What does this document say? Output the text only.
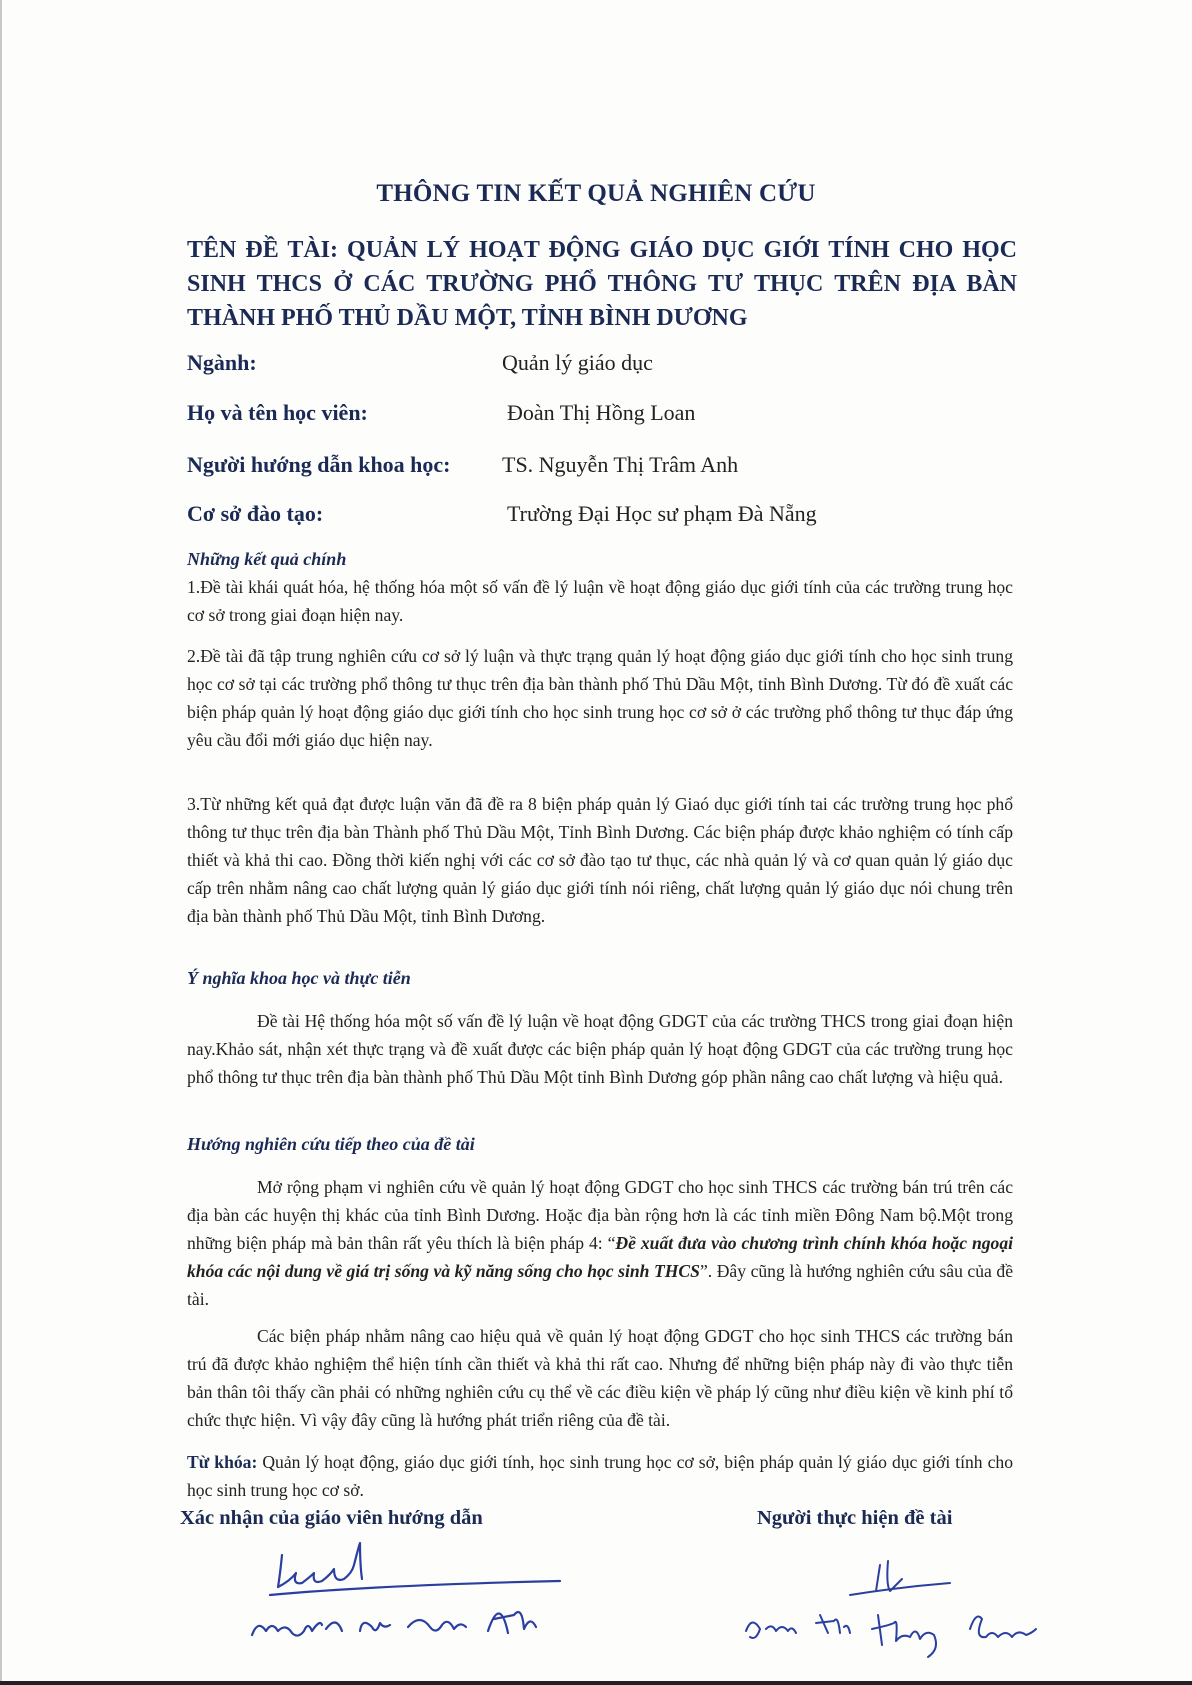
THÔNG TIN KẾT QUẢ NGHIÊN CỨU
TÊN ĐỀ TÀI: QUẢN LÝ HOẠT ĐỘNG GIÁO DỤC GIỚI TÍNH CHO HỌC SINH THCS Ở CÁC TRƯỜNG PHỔ THÔNG TƯ THỤC TRÊN ĐỊA BÀN THÀNH PHỐ THỦ DẦU MỘT, TỈNH BÌNH DƯƠNG
Ngành:	Quản lý giáo dục
Họ và tên học viên:	Đoàn Thị Hồng Loan
Người hướng dẫn khoa học: TS. Nguyễn Thị Trâm Anh
Cơ sở đào tạo:	Trường Đại Học sư phạm Đà Nẵng
Những kết quả chính

1.Đề tài khái quát hóa, hệ thống hóa một số vấn đề lý luận về hoạt động giáo dục giới tính của các trường trung học cơ sở trong giai đoạn hiện nay.

2.Đề tài đã tập trung nghiên cứu cơ sở lý luận và thực trạng quản lý hoạt động giáo dục giới tính cho học sinh trung học cơ sở tại các trường phổ thông tư thục trên địa bàn thành phố Thủ Dầu Một, tỉnh Bình Dương. Từ đó đề xuất các biện pháp quản lý hoạt động giáo dục giới tính cho học sinh trung học cơ sở ở các trường phổ thông tư thục đáp ứng yêu cầu đổi mới giáo dục hiện nay.

3.Từ những kết quả đạt được luận văn đã đề ra 8 biện pháp quản lý Giaó dục giới tính tai các trường trung học phổ thông tư thục trên địa bàn Thành phố Thủ Dầu Một, Tỉnh Bình Dương. Các biện pháp được khảo nghiệm có tính cấp thiết và khả thi cao. Đồng thời kiến nghị với các cơ sở đào tạo tư thục, các nhà quản lý và cơ quan quản lý giáo dục cấp trên nhằm nâng cao chất lượng quản lý giáo dục giới tính nói riêng, chất lượng quản lý giáo dục nói chung trên địa bàn thành phố Thủ Dầu Một, tỉnh Bình Dương.

Ý nghĩa khoa học và thực tiễn

Đề tài Hệ thống hóa một số vấn đề lý luận về hoạt động GDGT của các trường THCS trong giai đoạn hiện nay.Khảo sát, nhận xét thực trạng và đề xuất được các biện pháp quản lý hoạt động GDGT của các trường trung học phổ thông tư thục trên địa bàn thành phố Thủ Dầu Một tỉnh Bình Dương góp phần nâng cao chất lượng và hiệu quả.

Hướng nghiên cứu tiếp theo của đề tài

Mở rộng phạm vi nghiên cứu về quản lý hoạt động GDGT cho học sinh THCS các trường bán trú trên các địa bàn các huyện thị khác của tỉnh Bình Dương. Hoặc địa bàn rộng hơn là các tỉnh miền Đông Nam bộ.Một trong những biện pháp mà bản thân rất yêu thích là biện pháp 4: “Đề xuất đưa vào chương trình chính khóa hoặc ngoại khóa các nội dung về giá trị sống và kỹ năng sống cho học sinh THCS”. Đây cũng là hướng nghiên cứu sâu của đề tài.

Các biện pháp nhằm nâng cao hiệu quả về quản lý hoạt động GDGT cho học sinh THCS các trường bán trú đã được khảo nghiệm thể hiện tính cần thiết và khả thi rất cao. Nhưng để những biện pháp này đi vào thực tiễn bản thân tôi thấy cần phải có những nghiên cứu cụ thể về các điều kiện về pháp lý cũng như điều kiện về kinh phí tổ chức thực hiện. Vì vậy đây cũng là hướng phát triển riêng của đề tài.

Từ khóa: Quản lý hoạt động, giáo dục giới tính, học sinh trung học cơ sở, biện pháp quản lý giáo dục giới tính cho học sinh trung học cơ sở.

Xác nhận của giáo viên hướng dẫn	Người thực hiện đề tài
